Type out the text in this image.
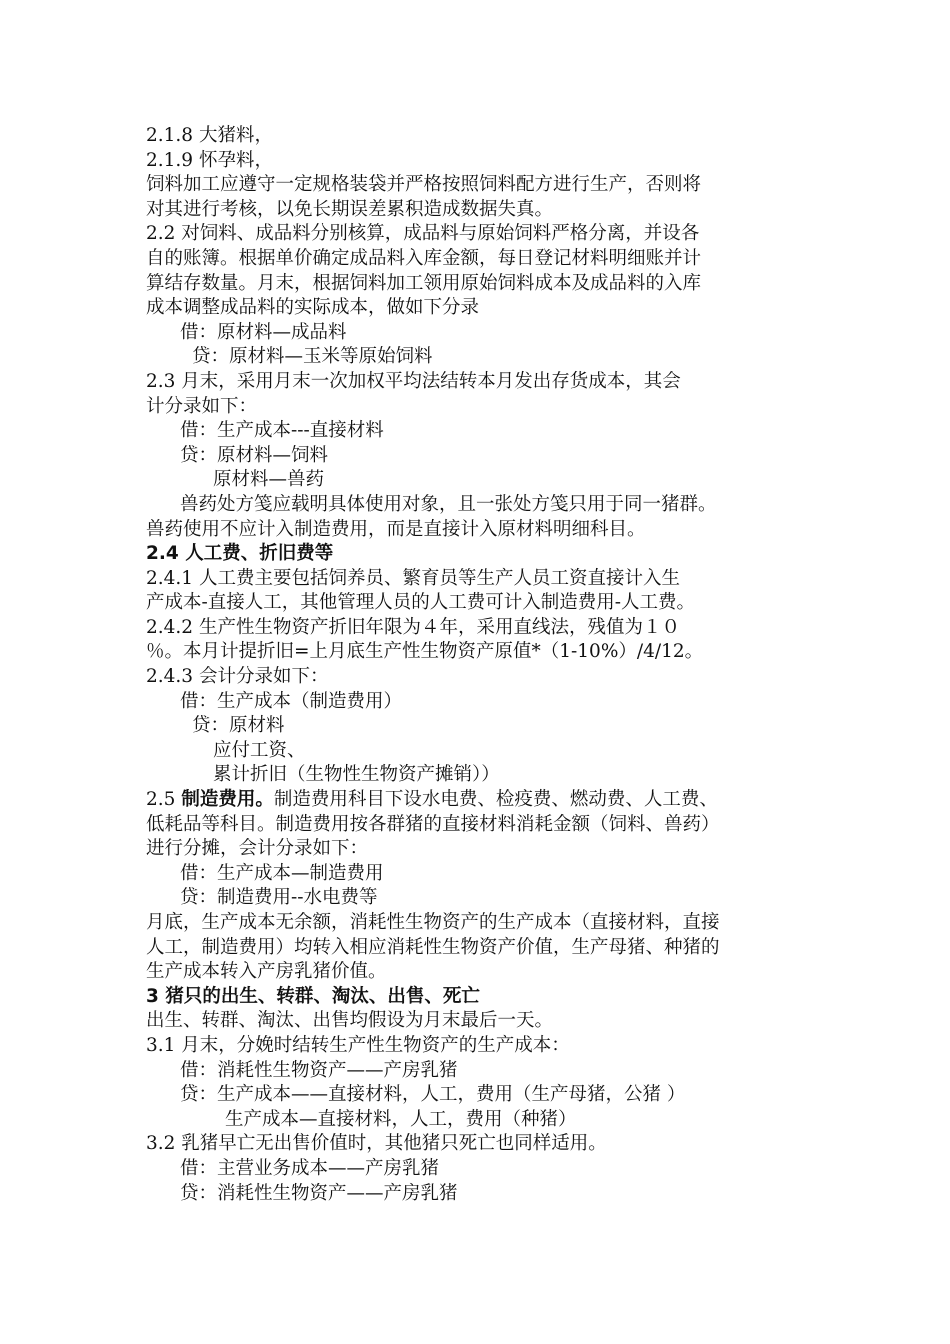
2.1.8 大猪料，
2.1.9 怀孕料，
饲料加工应遵守一定规格装袋并严格按照饲料配方进行生产，否则将
对其进行考核，以免长期误差累积造成数据失真。
2.2 对饲料、成品料分别核算，成品料与原始饲料严格分离，并设各
自的账簿。根据单价确定成品料入库金额，每日登记材料明细账并计
算结存数量。月末，根据饲料加工领用原始饲料成本及成品料的入库
成本调整成品料的实际成本，做如下分录
借：原材料—成品料
贷：原材料—玉米等原始饲料
2.3 月末，采用月末一次加权平均法结转本月发出存货成本，其会
计分录如下：
借：生产成本---直接材料
贷：原材料—饲料
原材料—兽药
兽药处方笺应载明具体使用对象，且一张处方笺只用于同一猪群。
兽药使用不应计入制造费用，而是直接计入原材料明细科目。
2.4 人工费、折旧费等
2.4.1 人工费主要包括饲养员、繁育员等生产人员工资直接计入生
产成本-直接人工，其他管理人员的人工费可计入制造费用-人工费。
2.4.2 生产性生物资产折旧年限为４年，采用直线法，残值为１０
％。本月计提折旧=上月底生产性生物资产原值*（1-10%）/4/12。
2.4.3 会计分录如下：
借：生产成本（制造费用）
贷：原材料
应付工资、
累计折旧（生物性生物资产摊销））
2.5 制造费用。制造费用科目下设水电费、检疫费、燃动费、人工费、
低耗品等科目。制造费用按各群猪的直接材料消耗金额（饲料、兽药）
进行分摊，会计分录如下：
借：生产成本—制造费用
贷：制造费用--水电费等
月底，生产成本无余额，消耗性生物资产的生产成本（直接材料，直接
人工，制造费用）均转入相应消耗性生物资产价值，生产母猪、种猪的
生产成本转入产房乳猪价值。
3 猪只的出生、转群、淘汰、出售、死亡
出生、转群、淘汰、出售均假设为月末最后一天。
3.1 月末，分娩时结转生产性生物资产的生产成本：
借：消耗性生物资产——产房乳猪
贷：生产成本——直接材料，人工，费用（生产母猪，公猪 ）
生产成本—直接材料，人工，费用（种猪）
3.2 乳猪早亡无出售价值时，其他猪只死亡也同样适用。
借：主营业务成本——产房乳猪
贷：消耗性生物资产——产房乳猪
